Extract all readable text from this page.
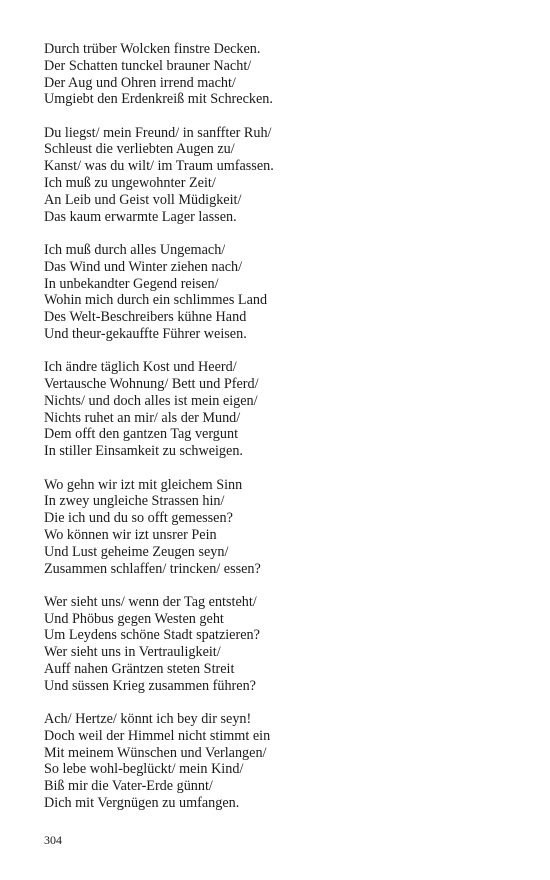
Durch trüber Wolcken finstre Decken.
Der Schatten tunckel brauner Nacht/
Der Aug und Ohren irrend macht/
Umgiebt den Erdenkreiß mit Schrecken.
Du liegst/ mein Freund/ in sanffter Ruh/
Schleust die verliebten Augen zu/
Kanst/ was du wilt/ im Traum umfassen.
Ich muß zu ungewohnter Zeit/
An Leib und Geist voll Müdigkeit/
Das kaum erwarmte Lager lassen.
Ich muß durch alles Ungemach/
Das Wind und Winter ziehen nach/
In unbekandter Gegend reisen/
Wohin mich durch ein schlimmes Land
Des Welt-Beschreibers kühne Hand
Und theur-gekauffte Führer weisen.
Ich ändre täglich Kost und Heerd/
Vertausche Wohnung/ Bett und Pferd/
Nichts/ und doch alles ist mein eigen/
Nichts ruhet an mir/ als der Mund/
Dem offt den gantzen Tag vergunt
In stiller Einsamkeit zu schweigen.
Wo gehn wir izt mit gleichem Sinn
In zwey ungleiche Strassen hin/
Die ich und du so offt gemessen?
Wo können wir izt unsrer Pein
Und Lust geheime Zeugen seyn/
Zusammen schlaffen/ trincken/ essen?
Wer sieht uns/ wenn der Tag entsteht/
Und Phöbus gegen Westen geht
Um Leydens schöne Stadt spatzieren?
Wer sieht uns in Vertrauligkeit/
Auff nahen Gräntzen steten Streit
Und süssen Krieg zusammen führen?
Ach/ Hertze/ könnt ich bey dir seyn!
Doch weil der Himmel nicht stimmt ein
Mit meinem Wünschen und Verlangen/
So lebe wohl-beglückt/ mein Kind/
Biß mir die Vater-Erde günnt/
Dich mit Vergnügen zu umfangen.
304
